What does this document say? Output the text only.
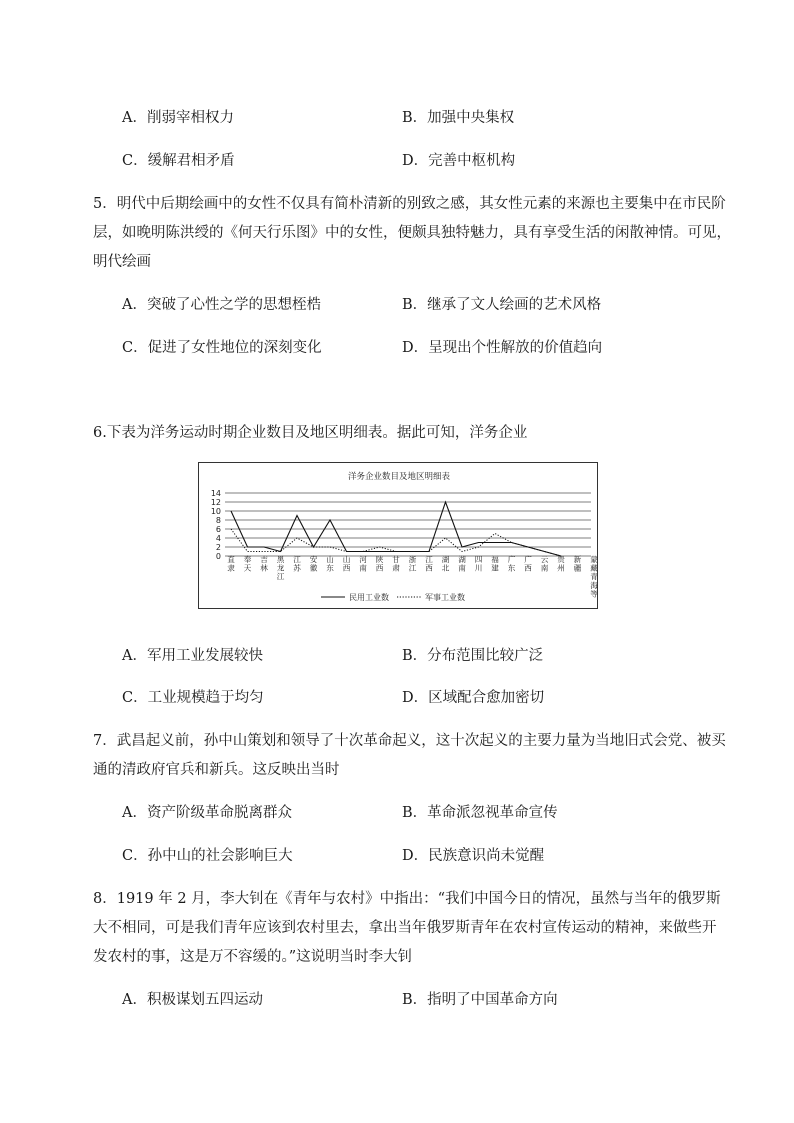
A．削弱宰相权力	B．加强中央集权
C．缓解君相矛盾	D．完善中枢机构
5．明代中后期绘画中的女性不仅具有简朴清新的别致之感，其女性元素的来源也主要集中在市民阶
层，如晚明陈洪绶的《何天行乐图》中的女性，便颇具独特魅力，具有享受生活的闲散神情。可见，
明代绘画
A．突破了心性之学的思想桎梏	B．继承了文人绘画的艺术风格
C．促进了女性地位的深刻变化	D．呈现出个性解放的价值趋向
6.下表为洋务运动时期企业数目及地区明细表。据此可知，洋务企业
洋务企业数目及地区明细表
0
2
4
6
8
10
12
14
直隶
奉天
吉林
黑龙江
江苏
安徽
山东
山西
河南
陕西
甘肃
浙江
江西
湖北
湖南
四川
福建
广东
广西
云南
贵州
新疆
蒙藏青海等
民用工业数	军事工业数
A．军用工业发展较快	B．分布范围比较广泛
C．工业规模趋于均匀	D．区域配合愈加密切
7．武昌起义前，孙中山策划和领导了十次革命起义，这十次起义的主要力量为当地旧式会党、被买
通的清政府官兵和新兵。这反映出当时
A．资产阶级革命脱离群众	B．革命派忽视革命宣传
C．孙中山的社会影响巨大	D．民族意识尚未觉醒
8．1919 年 2 月，李大钊在《青年与农村》中指出：“我们中国今日的情况，虽然与当年的俄罗斯
大不相同，可是我们青年应该到农村里去，拿出当年俄罗斯青年在农村宣传运动的精神，来做些开
发农村的事，这是万不容缓的。”这说明当时李大钊
A．积极谋划五四运动	B．指明了中国革命方向
